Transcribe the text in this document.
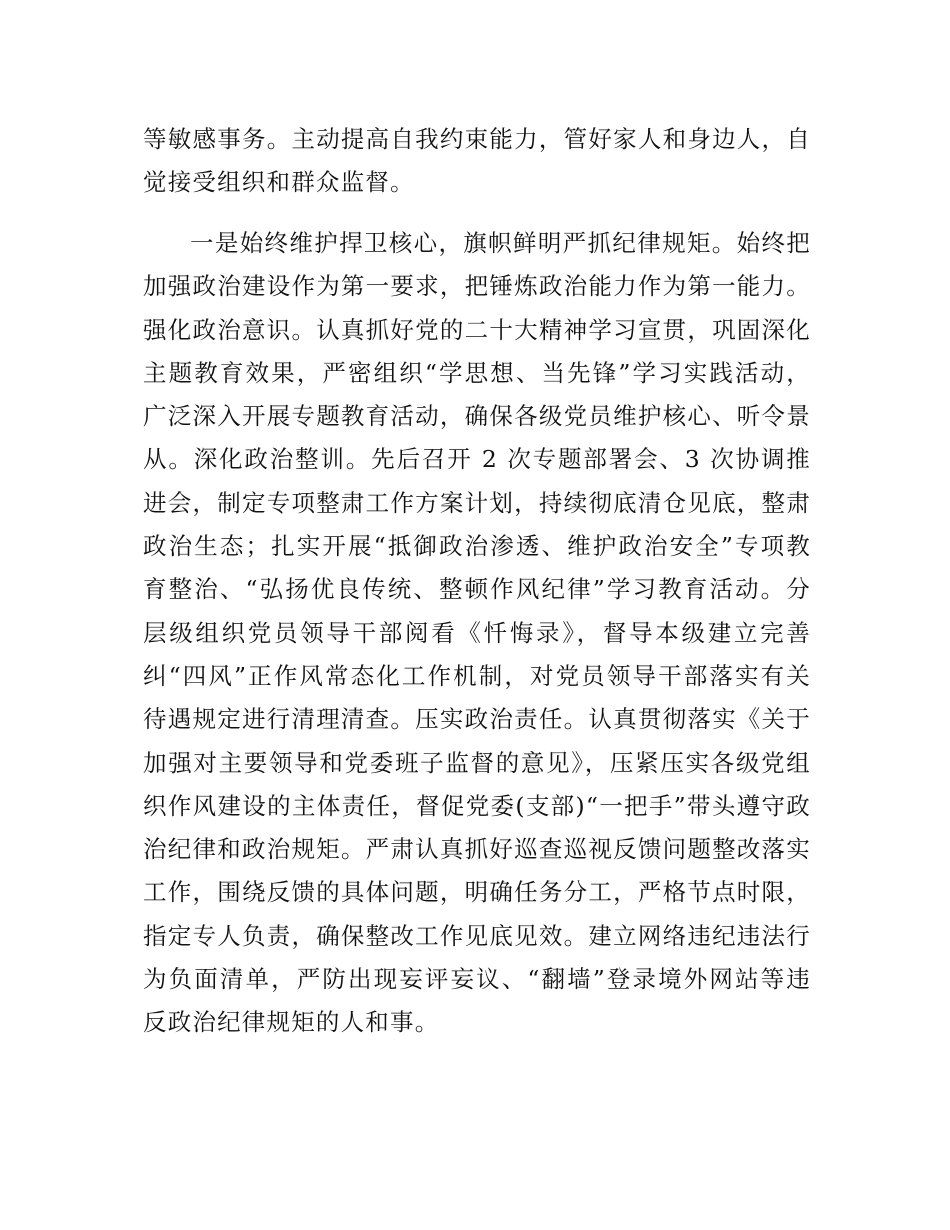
等敏感事务。主动提高自我约束能力，管好家人和身边人，自觉接受组织和群众监督。

一是始终维护捍卫核心，旗帜鲜明严抓纪律规矩。始终把加强政治建设作为第一要求，把锤炼政治能力作为第一能力。强化政治意识。认真抓好党的二十大精神学习宣贯，巩固深化主题教育效果，严密组织“学思想、当先锋”学习实践活动，广泛深入开展专题教育活动，确保各级党员维护核心、听令景从。深化政治整训。先后召开 2 次专题部署会、3 次协调推进会，制定专项整肃工作方案计划，持续彻底清仓见底，整肃政治生态；扎实开展“抵御政治渗透、维护政治安全”专项教育整治、“弘扬优良传统、整顿作风纪律”学习教育活动。分层级组织党员领导干部阅看《忏悔录》，督导本级建立完善纠“四风”正作风常态化工作机制，对党员领导干部落实有关待遇规定进行清理清查。压实政治责任。认真贯彻落实《关于加强对主要领导和党委班子监督的意见》，压紧压实各级党组织作风建设的主体责任，督促党委(支部)“一把手”带头遵守政治纪律和政治规矩。严肃认真抓好巡查巡视反馈问题整改落实工作，围绕反馈的具体问题，明确任务分工，严格节点时限，指定专人负责，确保整改工作见底见效。建立网络违纪违法行为负面清单，严防出现妄评妄议、“翻墙”登录境外网站等违反政治纪律规矩的人和事。
